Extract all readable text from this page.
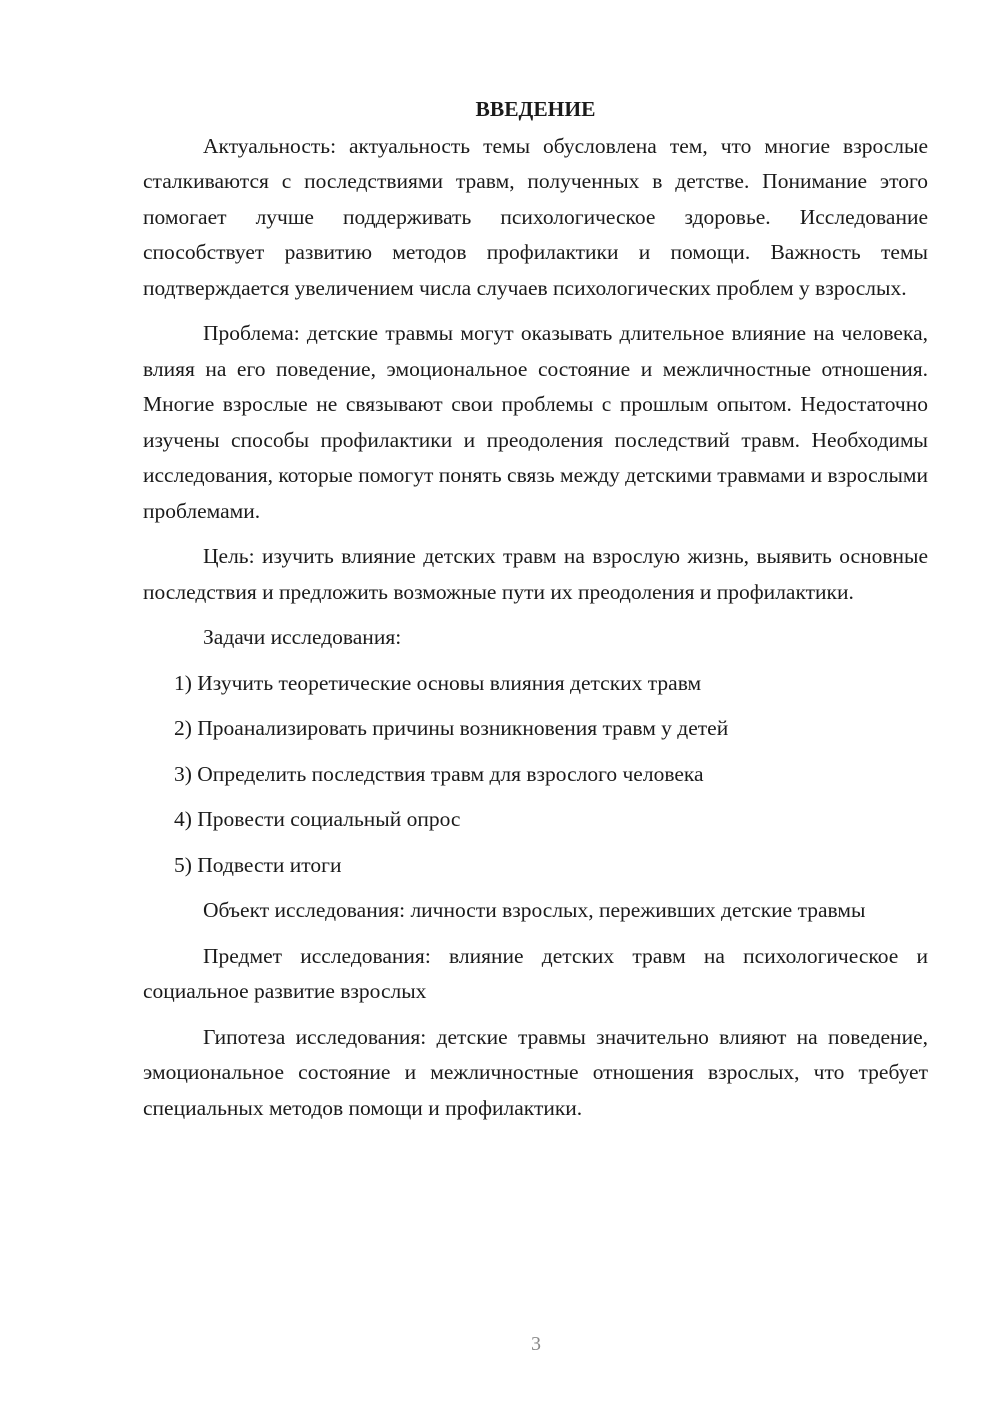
ВВЕДЕНИЕ

Актуальность: актуальность темы обусловлена тем, что многие взрослые сталкиваются с последствиями травм, полученных в детстве. Понимание этого помогает лучше поддерживать психологическое здоровье. Исследование способствует развитию методов профилактики и помощи. Важность темы подтверждается увеличением числа случаев психологических проблем у взрослых.

Проблема: детские травмы могут оказывать длительное влияние на человека, влияя на его поведение, эмоциональное состояние и межличностные отношения. Многие взрослые не связывают свои проблемы с прошлым опытом. Недостаточно изучены способы профилактики и преодоления последствий травм. Необходимы исследования, которые помогут понять связь между детскими травмами и взрослыми проблемами.

Цель: изучить влияние детских травм на взрослую жизнь, выявить основные последствия и предложить возможные пути их преодоления и профилактики.

Задачи исследования:

1) Изучить теоретические основы влияния детских травм
2) Проанализировать причины возникновения травм у детей
3) Определить последствия травм для взрослого человека
4) Провести социальный опрос
5) Подвести итоги

Объект исследования: личности взрослых, переживших детские травмы

Предмет исследования: влияние детских травм на психологическое и социальное развитие взрослых

Гипотеза исследования: детские травмы значительно влияют на поведение, эмоциональное состояние и межличностные отношения взрослых, что требует специальных методов помощи и профилактики.

3
